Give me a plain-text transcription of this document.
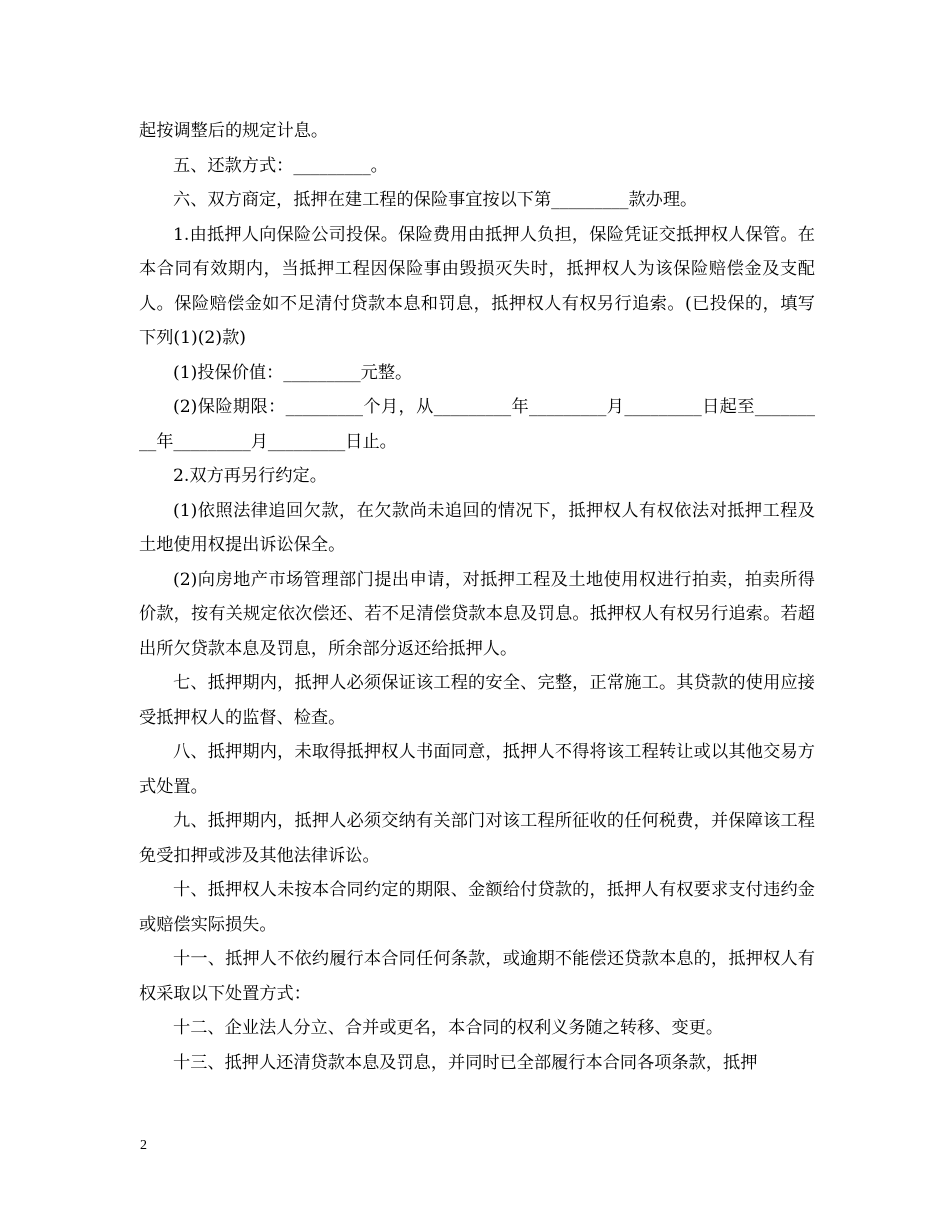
起按调整后的规定计息。

五、还款方式：_________。

六、双方商定，抵押在建工程的保险事宜按以下第_________款办理。

1.由抵押人向保险公司投保。保险费用由抵押人负担，保险凭证交抵押权人保管。在本合同有效期内，当抵押工程因保险事由毁损灭失时，抵押权人为该保险赔偿金及支配人。保险赔偿金如不足清付贷款本息和罚息，抵押权人有权另行追索。(已投保的，填写下列(1)(2)款)

(1)投保价值：_________元整。

(2)保险期限：_________个月，从_________年_________月_________日起至_________年_________月_________日止。

2.双方再另行约定。

(1)依照法律追回欠款，在欠款尚未追回的情况下，抵押权人有权依法对抵押工程及土地使用权提出诉讼保全。

(2)向房地产市场管理部门提出申请，对抵押工程及土地使用权进行拍卖，拍卖所得价款，按有关规定依次偿还、若不足清偿贷款本息及罚息。抵押权人有权另行追索。若超出所欠贷款本息及罚息，所余部分返还给抵押人。

七、抵押期内，抵押人必须保证该工程的安全、完整，正常施工。其贷款的使用应接受抵押权人的监督、检查。

八、抵押期内，未取得抵押权人书面同意，抵押人不得将该工程转让或以其他交易方式处置。

九、抵押期内，抵押人必须交纳有关部门对该工程所征收的任何税费，并保障该工程免受扣押或涉及其他法律诉讼。

十、抵押权人未按本合同约定的期限、金额给付贷款的，抵押人有权要求支付违约金或赔偿实际损失。

十一、抵押人不依约履行本合同任何条款，或逾期不能偿还贷款本息的，抵押权人有权采取以下处置方式：

十二、企业法人分立、合并或更名，本合同的权利义务随之转移、变更。

十三、抵押人还清贷款本息及罚息，并同时已全部履行本合同各项条款，抵押

2
